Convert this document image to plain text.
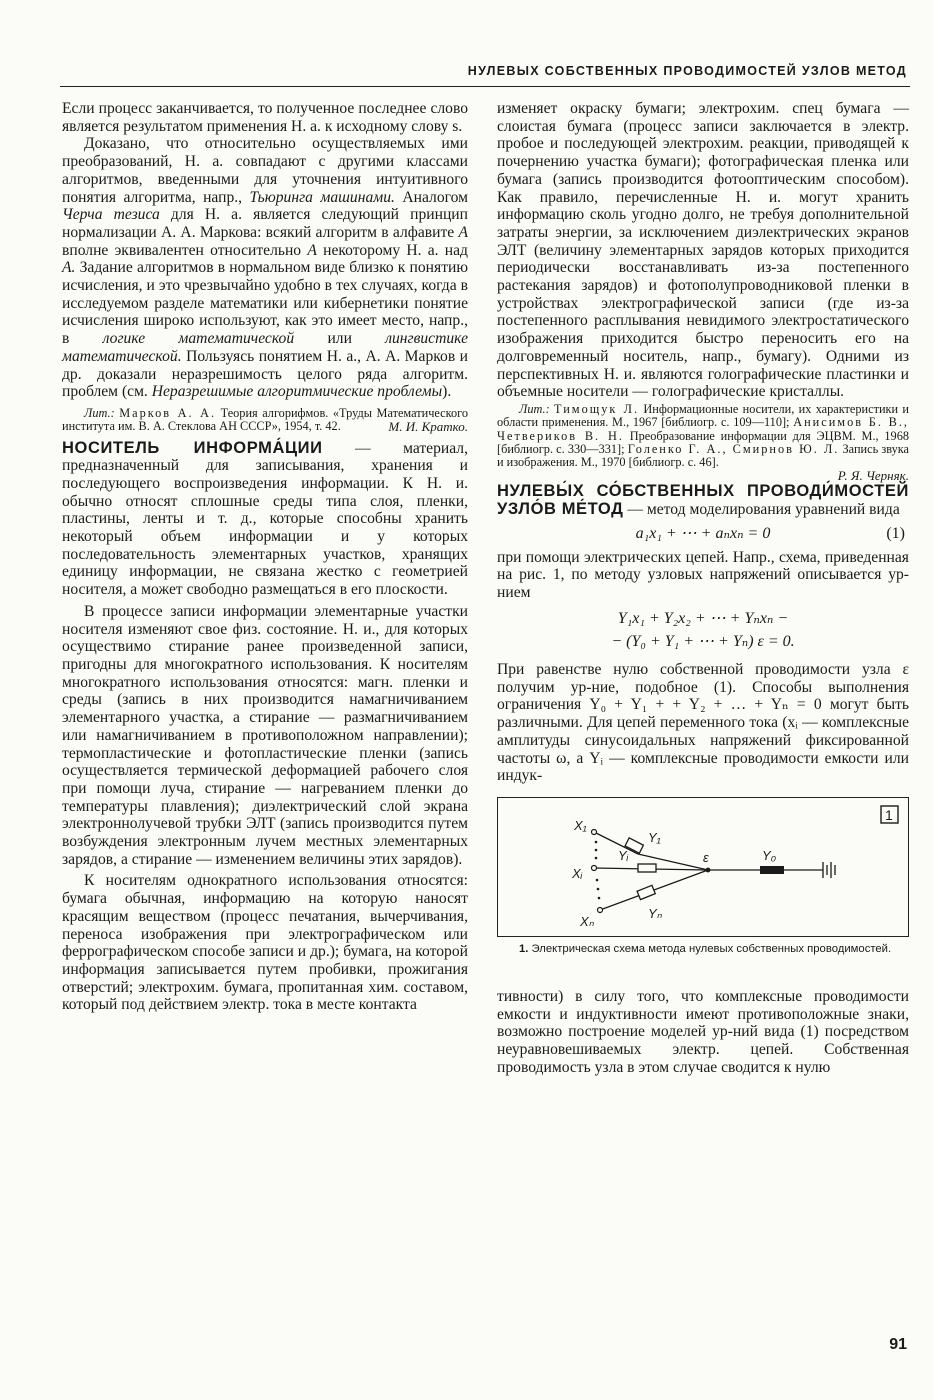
НУЛЕВЫХ СОБСТВЕННЫХ ПРОВОДИМОСТЕЙ УЗЛОВ МЕТОД

Если процесс заканчивается, то полученное последнее слово является результатом применения Н. а. к исходному слову s.

Доказано, что относительно осуществляемых ими преобразований, Н. а. совпадают с другими классами алгоритмов, введенными для уточнения интуитивного понятия алгоритма, напр., Тьюринга машинами. Аналогом Черча тезиса для Н. а. является следующий принцип нормализации А. А. Маркова: всякий алгоритм в алфавите А вполне эквивалентен относительно А некоторому Н. а. над А. Задание алгоритмов в нормальном виде близко к понятию исчисления, и это чрезвычайно удобно в тех случаях, когда в исследуемом разделе математики или кибернетики понятие исчисления широко используют, как это имеет место, напр., в логике математической или лингвистике математической. Пользуясь понятием Н. а., А. А. Марков и др. доказали неразрешимость целого ряда алгоритм. проблем (см. Неразрешимые алгоритмические проблемы).

Лит.: Марков А. А. Теория алгорифмов. «Труды Математического института им. В. А. Стеклова АН СССР», 1954, т. 42.	М. И. Кратко.

НОСИТЕЛЬ ИНФОРМА́ЦИИ — материал, предназначенный для записывания, хранения и последующего воспроизведения информации. К Н. и. обычно относят сплошные среды типа слоя, пленки, пластины, ленты и т. д., которые способны хранить некоторый объем информации и у которых последовательность элементарных участков, хранящих единицу информации, не связана жестко с геометрией носителя, а может свободно размещаться в его плоскости.

В процессе записи информации элементарные участки носителя изменяют свое физ. состояние. Н. и., для которых осуществимо стирание ранее произведенной записи, пригодны для многократного использования. К носителям многократного использования относятся: магн. пленки и среды (запись в них производится намагничиванием элементарного участка, а стирание — размагничиванием или намагничиванием в противоположном направлении); термопластические и фотопластические пленки (запись осуществляется термической деформацией рабочего слоя при помощи луча, стирание — нагреванием пленки до температуры плавления); диэлектрический слой экрана электроннолучевой трубки ЭЛТ (запись производится путем возбуждения электронным лучем местных элементарных зарядов, а стирание — изменением величины этих зарядов).

К носителям однократного использования относятся: бумага обычная, информацию на которую наносят красящим веществом (процесс печатания, вычерчивания, переноса изображения при электрографическом или феррографическом способе записи и др.); бумага, на которой информация записывается путем пробивки, прожигания отверстий; электрохим. бумага, пропитанная хим. составом, который под действием электр. тока в месте контакта

изменяет окраску бумаги; электрохим. спец бумага — слоистая бумага (процесс записи заключается в электр. пробое и последующей электрохим. реакции, приводящей к почернению участка бумаги); фотографическая пленка или бумага (запись производится фотооптическим способом). Как правило, перечисленные Н. и. могут хранить информацию сколь угодно долго, не требуя дополнительной затраты энергии, за исключением диэлектрических экранов ЭЛТ (величину элементарных зарядов которых приходится периодически восстанавливать из-за постепенного растекания зарядов) и фотополупроводниковой пленки в устройствах электрографической записи (где из-за постепенного расплывания невидимого электростатического изображения приходится быстро переносить его на долговременный носитель, напр., бумагу). Одними из перспективных Н. и. являются голографические пластинки и объемные носители — голографические кристаллы.

Лит.: Тимощук Л. Информационные носители, их характеристики и области применения. М., 1967 [библиогр. с. 109—110]; Анисимов Б. В., Четвериков В. Н. Преобразование информации для ЭЦВМ. М., 1968 [библиогр. с. 330—331]; Голенко Г. А., Смирнов Ю. Л. Запись звука и изображения. М., 1970 [библиогр. с. 46].

Р. Я. Черняк.

НУЛЕВЫ́Х СО́БСТВЕННЫХ ПРОВОДИ́МОСТЕЙ УЗЛО́В МЕ́ТОД — метод моделирования уравнений вида

a₁x₁ + ⋯ + aₙxₙ = 0	(1)

при помощи электрических цепей. Напр., схема, приведенная на рис. 1, по методу узловых напряжений описывается ур-нием

Y₁x₁ + Y₂x₂ + ⋯ + Yₙxₙ −
− (Y₀ + Y₁ + ⋯ + Yₙ) ε = 0.

При равенстве нулю собственной проводимости узла ε получим ур-ние, подобное (1). Способы выполнения ограничения Y₀ + Y₁ + + Y₂ + … + Yₙ = 0 могут быть различными. Для цепей переменного тока (xᵢ — комплексные амплитуды синусоидальных напряжений фиксированной частоты ω, а Yᵢ — комплексные проводимости емкости или индук-

X₁
Xᵢ
Xₙ
Y₁
Yᵢ
Yₙ
ε	Y₀
1

1. Электрическая схема метода нулевых собственных проводимостей.

тивности) в силу того, что комплексные проводимости емкости и индуктивности имеют противоположные знаки, возможно построение моделей ур-ний вида (1) посредством неуравновешиваемых электр. цепей. Собственная проводимость узла в этом случае сводится к нулю

91
